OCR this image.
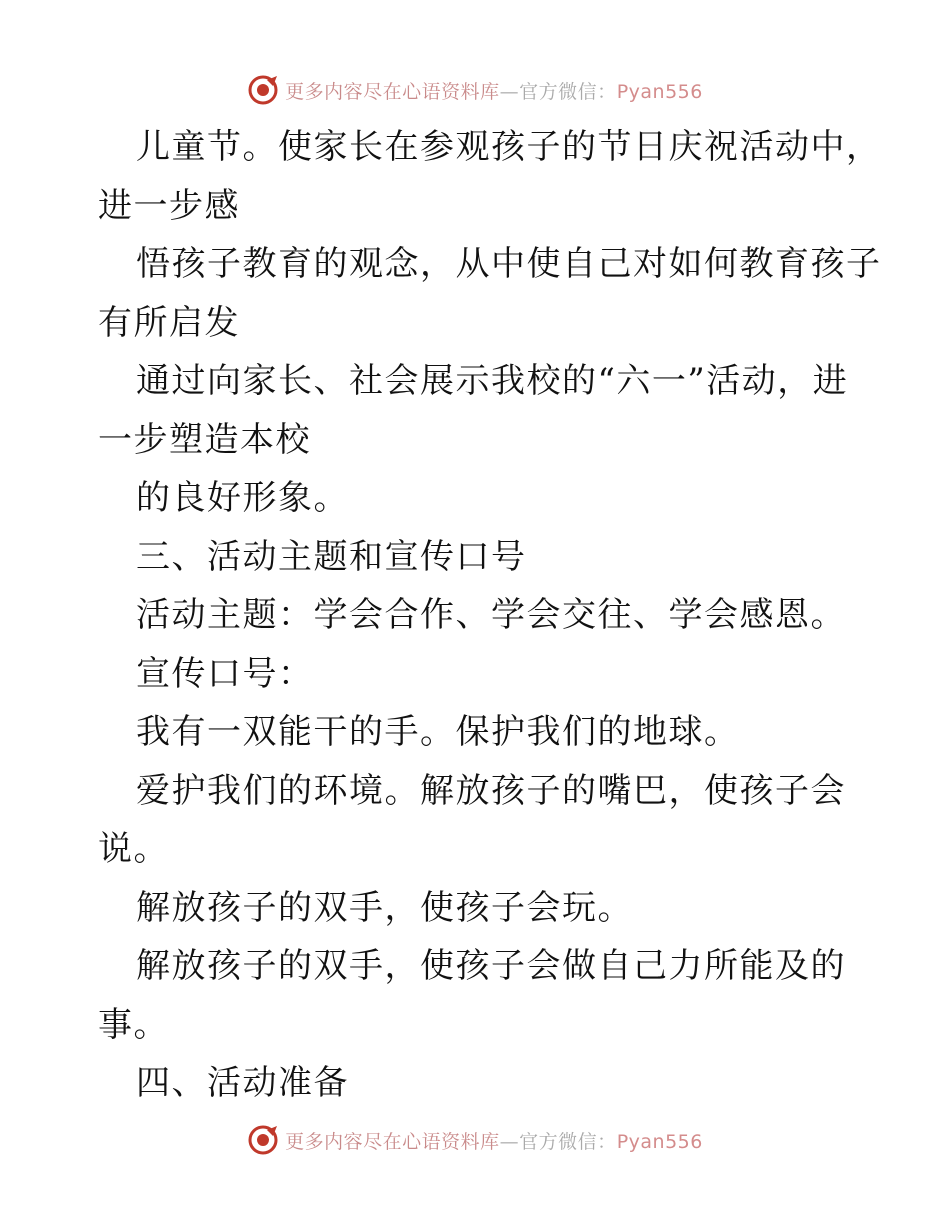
更多内容尽在心语资料库—官方微信：Pyan556
儿童节。使家长在参观孩子的节日庆祝活动中，
进一步感
悟孩子教育的观念，从中使自己对如何教育孩子
有所启发
通过向家长、社会展示我校的“六一”活动，进
一步塑造本校
的良好形象。
三、活动主题和宣传口号
活动主题：学会合作、学会交往、学会感恩。
宣传口号：
我有一双能干的手。保护我们的地球。
爱护我们的环境。解放孩子的嘴巴，使孩子会
说。
解放孩子的双手，使孩子会玩。
解放孩子的双手，使孩子会做自己力所能及的
事。
四、活动准备
更多内容尽在心语资料库—官方微信：Pyan556
